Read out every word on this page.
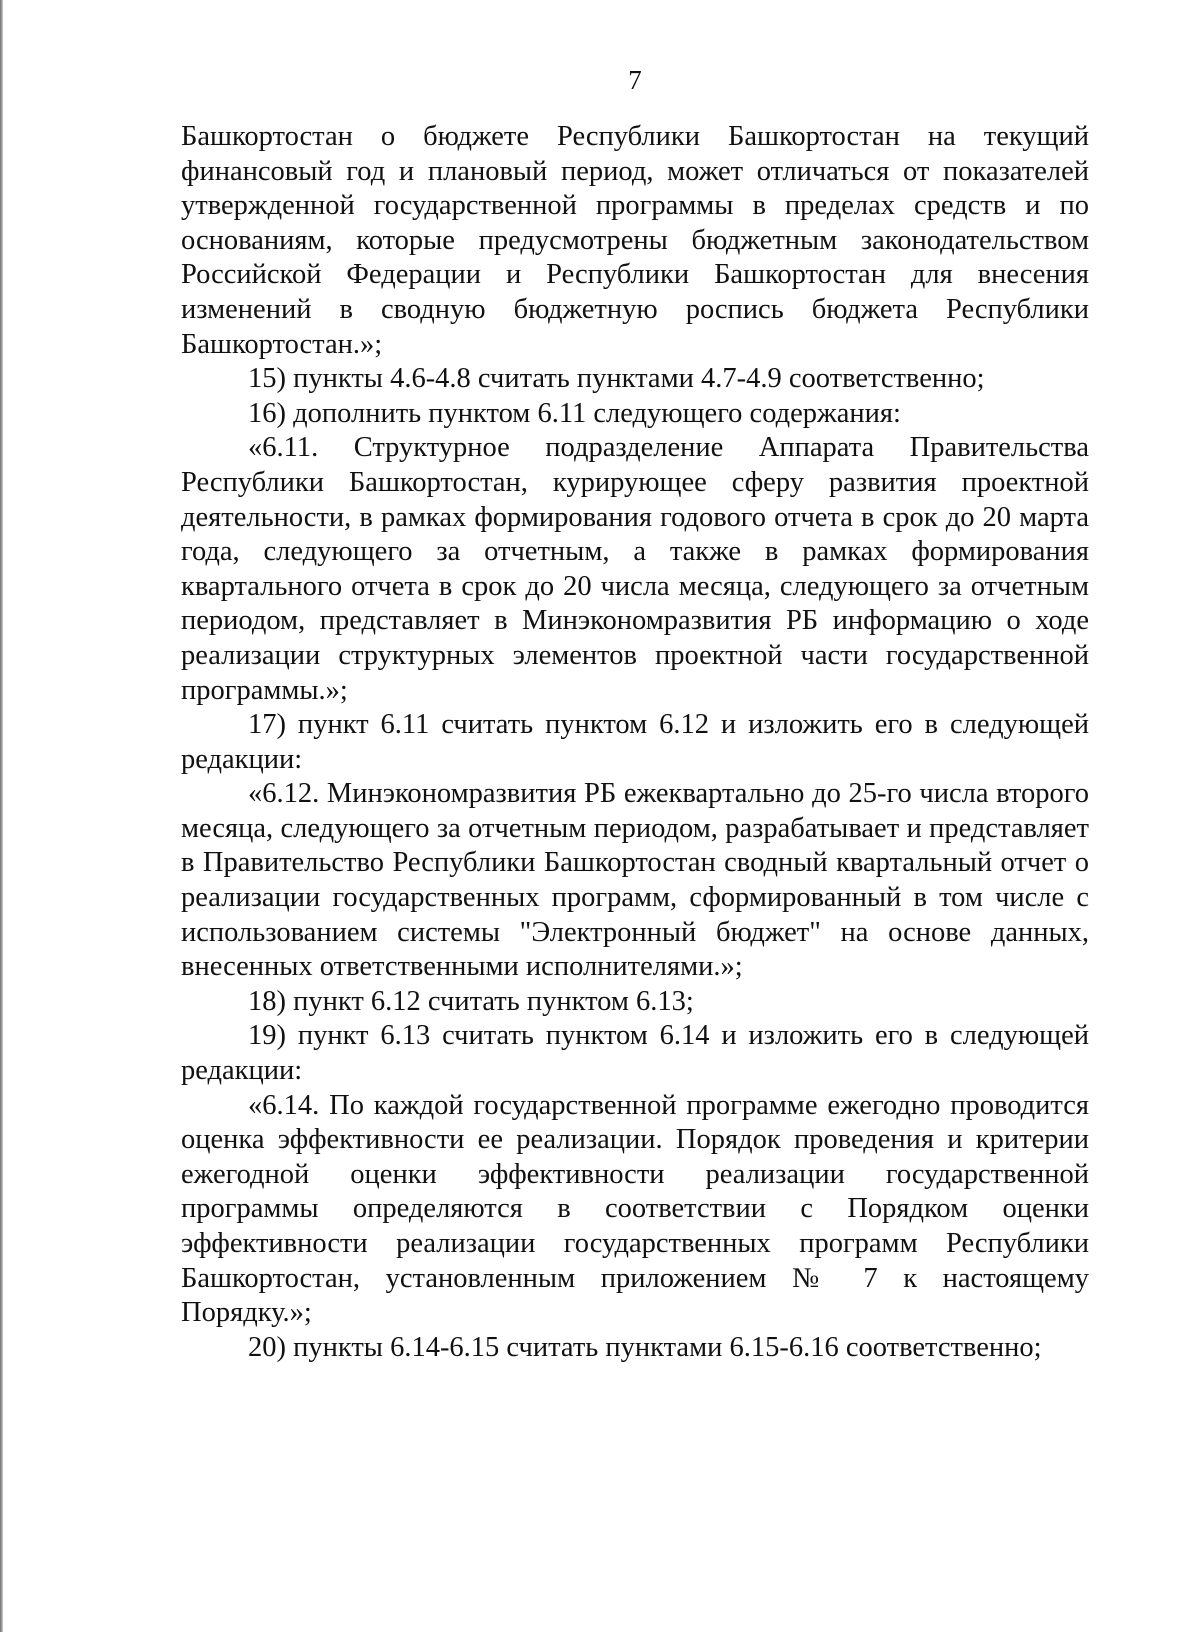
7

Башкортостан о бюджете Республики Башкортостан на текущий финансовый год и плановый период, может отличаться от показателей утвержденной государственной программы в пределах средств и по основаниям, которые предусмотрены бюджетным законодательством Российской Федерации и Республики Башкортостан для внесения изменений в сводную бюджетную роспись бюджета Республики Башкортостан.»;

15) пункты 4.6-4.8 считать пунктами 4.7-4.9 соответственно;

16) дополнить пунктом 6.11 следующего содержания:

«6.11. Структурное подразделение Аппарата Правительства Республики Башкортостан, курирующее сферу развития проектной деятельности, в рамках формирования годового отчета в срок до 20 марта года, следующего за отчетным, а также в рамках формирования квартального отчета в срок до 20 числа месяца, следующего за отчетным периодом, представляет в Минэкономразвития РБ информацию о ходе реализации структурных элементов проектной части государственной программы.»;

17) пункт 6.11 считать пунктом 6.12 и изложить его в следующей редакции:

«6.12. Минэкономразвития РБ ежеквартально до 25-го числа второго месяца, следующего за отчетным периодом, разрабатывает и представляет в Правительство Республики Башкортостан сводный квартальный отчет о реализации государственных программ, сформированный в том числе с использованием системы "Электронный бюджет" на основе данных, внесенных ответственными исполнителями.»;

18) пункт 6.12 считать пунктом 6.13;

19) пункт 6.13 считать пунктом 6.14 и изложить его в следующей редакции:

«6.14. По каждой государственной программе ежегодно проводится оценка эффективности ее реализации. Порядок проведения и критерии ежегодной оценки эффективности реализации государственной программы определяются в соответствии с Порядком оценки эффективности реализации государственных программ Республики Башкортостан, установленным приложением № 7 к настоящему Порядку.»;

20) пункты 6.14-6.15 считать пунктами 6.15-6.16 соответственно;
